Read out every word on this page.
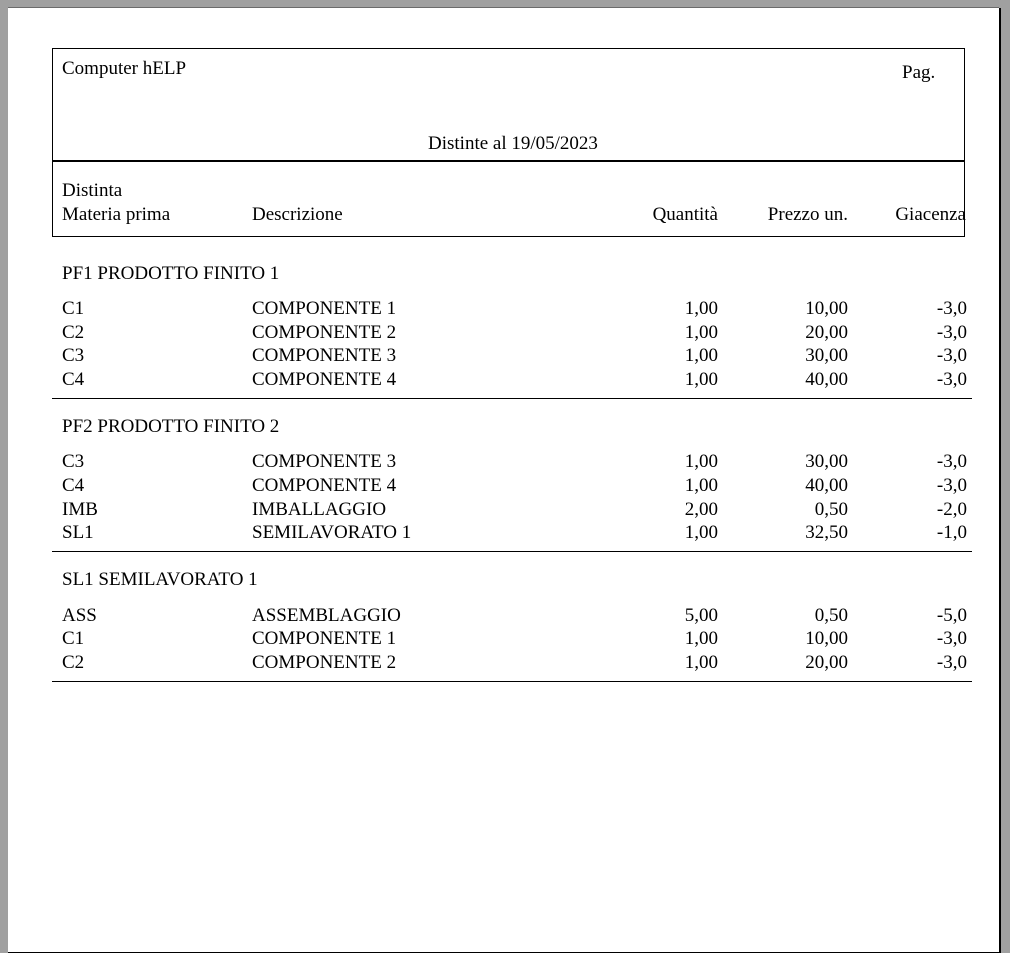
Computer hELP	Pag.
Distinte al 19/05/2023
Distinta
Materia prima	Descrizione	Quantità	Prezzo un.	Giacenza
PF1 PRODOTTO FINITO 1
C1	COMPONENTE 1	1,00	10,00	-3,0
C2	COMPONENTE 2	1,00	20,00	-3,0
C3	COMPONENTE 3	1,00	30,00	-3,0
C4	COMPONENTE 4	1,00	40,00	-3,0
PF2 PRODOTTO FINITO 2
C3	COMPONENTE 3	1,00	30,00	-3,0
C4	COMPONENTE 4	1,00	40,00	-3,0
IMB	IMBALLAGGIO	2,00	0,50	-2,0
SL1	SEMILAVORATO 1	1,00	32,50	-1,0
SL1 SEMILAVORATO 1
ASS	ASSEMBLAGGIO	5,00	0,50	-5,0
C1	COMPONENTE 1	1,00	10,00	-3,0
C2	COMPONENTE 2	1,00	20,00	-3,0
